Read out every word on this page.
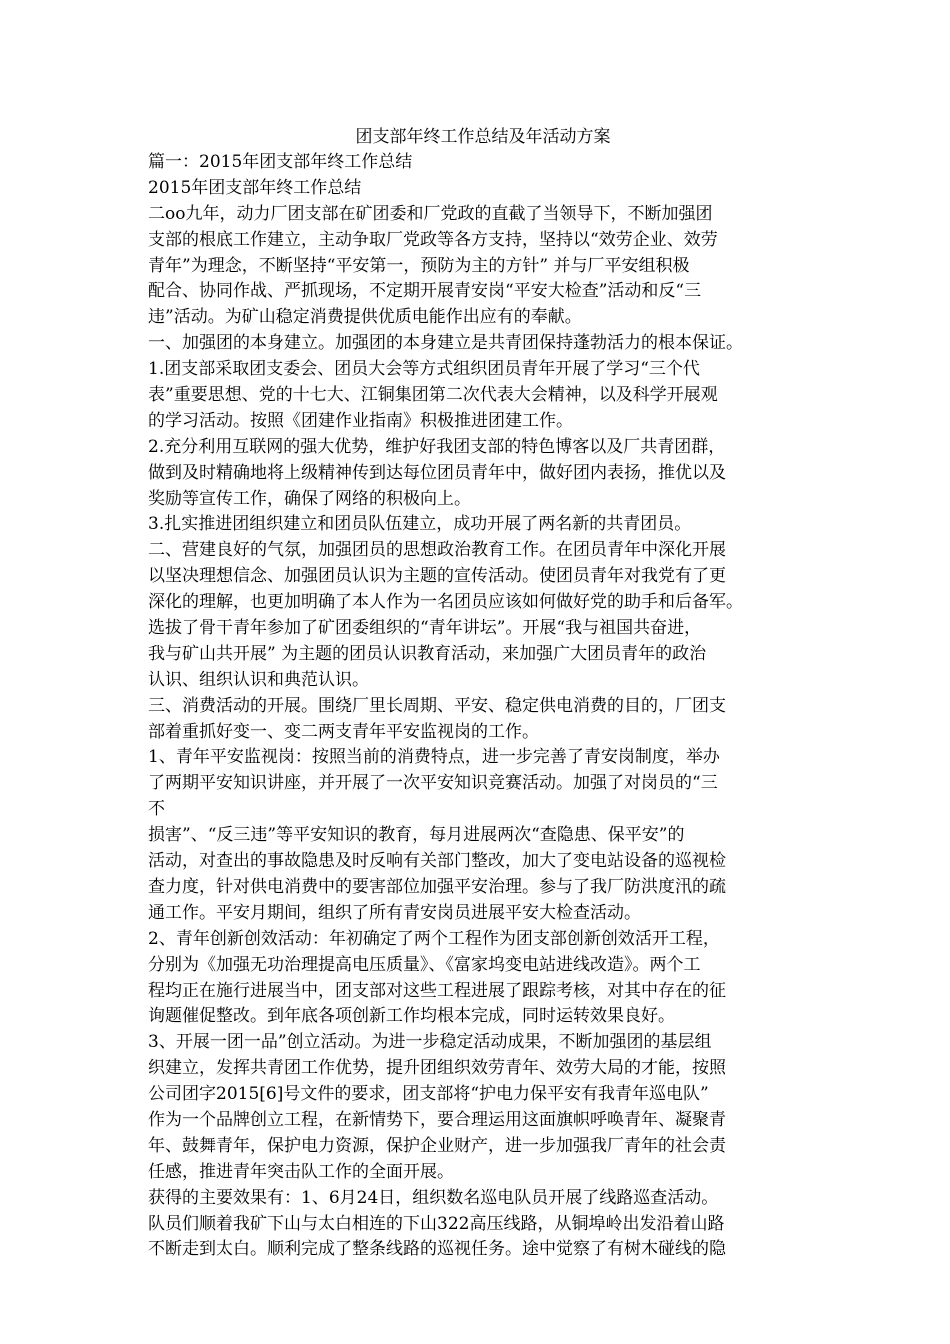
团支部年终工作总结及年活动方案

篇一：2015年团支部年终工作总结

2015年团支部年终工作总结

二oo九年，动力厂团支部在矿团委和厂党政的直截了当领导下，不断加强团

支部的根底工作建立，主动争取厂党政等各方支持，坚持以“效劳企业、效劳

青年”为理念，不断坚持“平安第一，预防为主的方针” 并与厂平安组积极

配合、协同作战、严抓现场，不定期开展青安岗“平安大检查”活动和反“三

违”活动。为矿山稳定消费提供优质电能作出应有的奉献。

一、加强团的本身建立。加强团的本身建立是共青团保持蓬勃活力的根本保证。

1.团支部采取团支委会、团员大会等方式组织团员青年开展了学习“三个代

表”重要思想、党的十七大、江铜集团第二次代表大会精神，以及科学开展观

的学习活动。按照《团建作业指南》积极推进团建工作。

2.充分利用互联网的强大优势，维护好我团支部的特色博客以及厂共青团群，

做到及时精确地将上级精神传到达每位团员青年中，做好团内表扬，推优以及

奖励等宣传工作，确保了网络的积极向上。

3.扎实推进团组织建立和团员队伍建立，成功开展了两名新的共青团员。

二、营建良好的气氛，加强团员的思想政治教育工作。在团员青年中深化开展

以坚决理想信念、加强团员认识为主题的宣传活动。使团员青年对我党有了更

深化的理解，也更加明确了本人作为一名团员应该如何做好党的助手和后备军。

选拔了骨干青年参加了矿团委组织的“青年讲坛”。开展“我与祖国共奋进，

我与矿山共开展” 为主题的团员认识教育活动，来加强广大团员青年的政治

认识、组织认识和典范认识。

三、消费活动的开展。围绕厂里长周期、平安、稳定供电消费的目的，厂团支

部着重抓好变一、变二两支青年平安监视岗的工作。

1、青年平安监视岗：按照当前的消费特点，进一步完善了青安岗制度，举办

了两期平安知识讲座，并开展了一次平安知识竞赛活动。加强了对岗员的“三

不

损害”、“反三违”等平安知识的教育，每月进展两次“查隐患、保平安”的

活动，对查出的事故隐患及时反响有关部门整改，加大了变电站设备的巡视检

查力度，针对供电消费中的要害部位加强平安治理。参与了我厂防洪度汛的疏

通工作。平安月期间，组织了所有青安岗员进展平安大检查活动。

2、青年创新创效活动：年初确定了两个工程作为团支部创新创效活开工程，

分别为《加强无功治理提高电压质量》、《富家坞变电站进线改造》。两个工

程均正在施行进展当中，团支部对这些工程进展了跟踪考核，对其中存在的征

询题催促整改。到年底各项创新工作均根本完成，同时运转效果良好。

3、开展一团一品”创立活动。为进一步稳定活动成果，不断加强团的基层组

织建立，发挥共青团工作优势，提升团组织效劳青年、效劳大局的才能，按照

公司团字2015[6]号文件的要求，团支部将“护电力保平安有我青年巡电队”

作为一个品牌创立工程，在新情势下，要合理运用这面旗帜呼唤青年、凝聚青

年、鼓舞青年，保护电力资源，保护企业财产，进一步加强我厂青年的社会责

任感，推进青年突击队工作的全面开展。

获得的主要效果有：1、6月24日，组织数名巡电队员开展了线路巡查活动。

队员们顺着我矿下山与太白相连的下山322高压线路，从铜埠岭出发沿着山路

不断走到太白。顺利完成了整条线路的巡视任务。途中觉察了有树木碰线的隐
